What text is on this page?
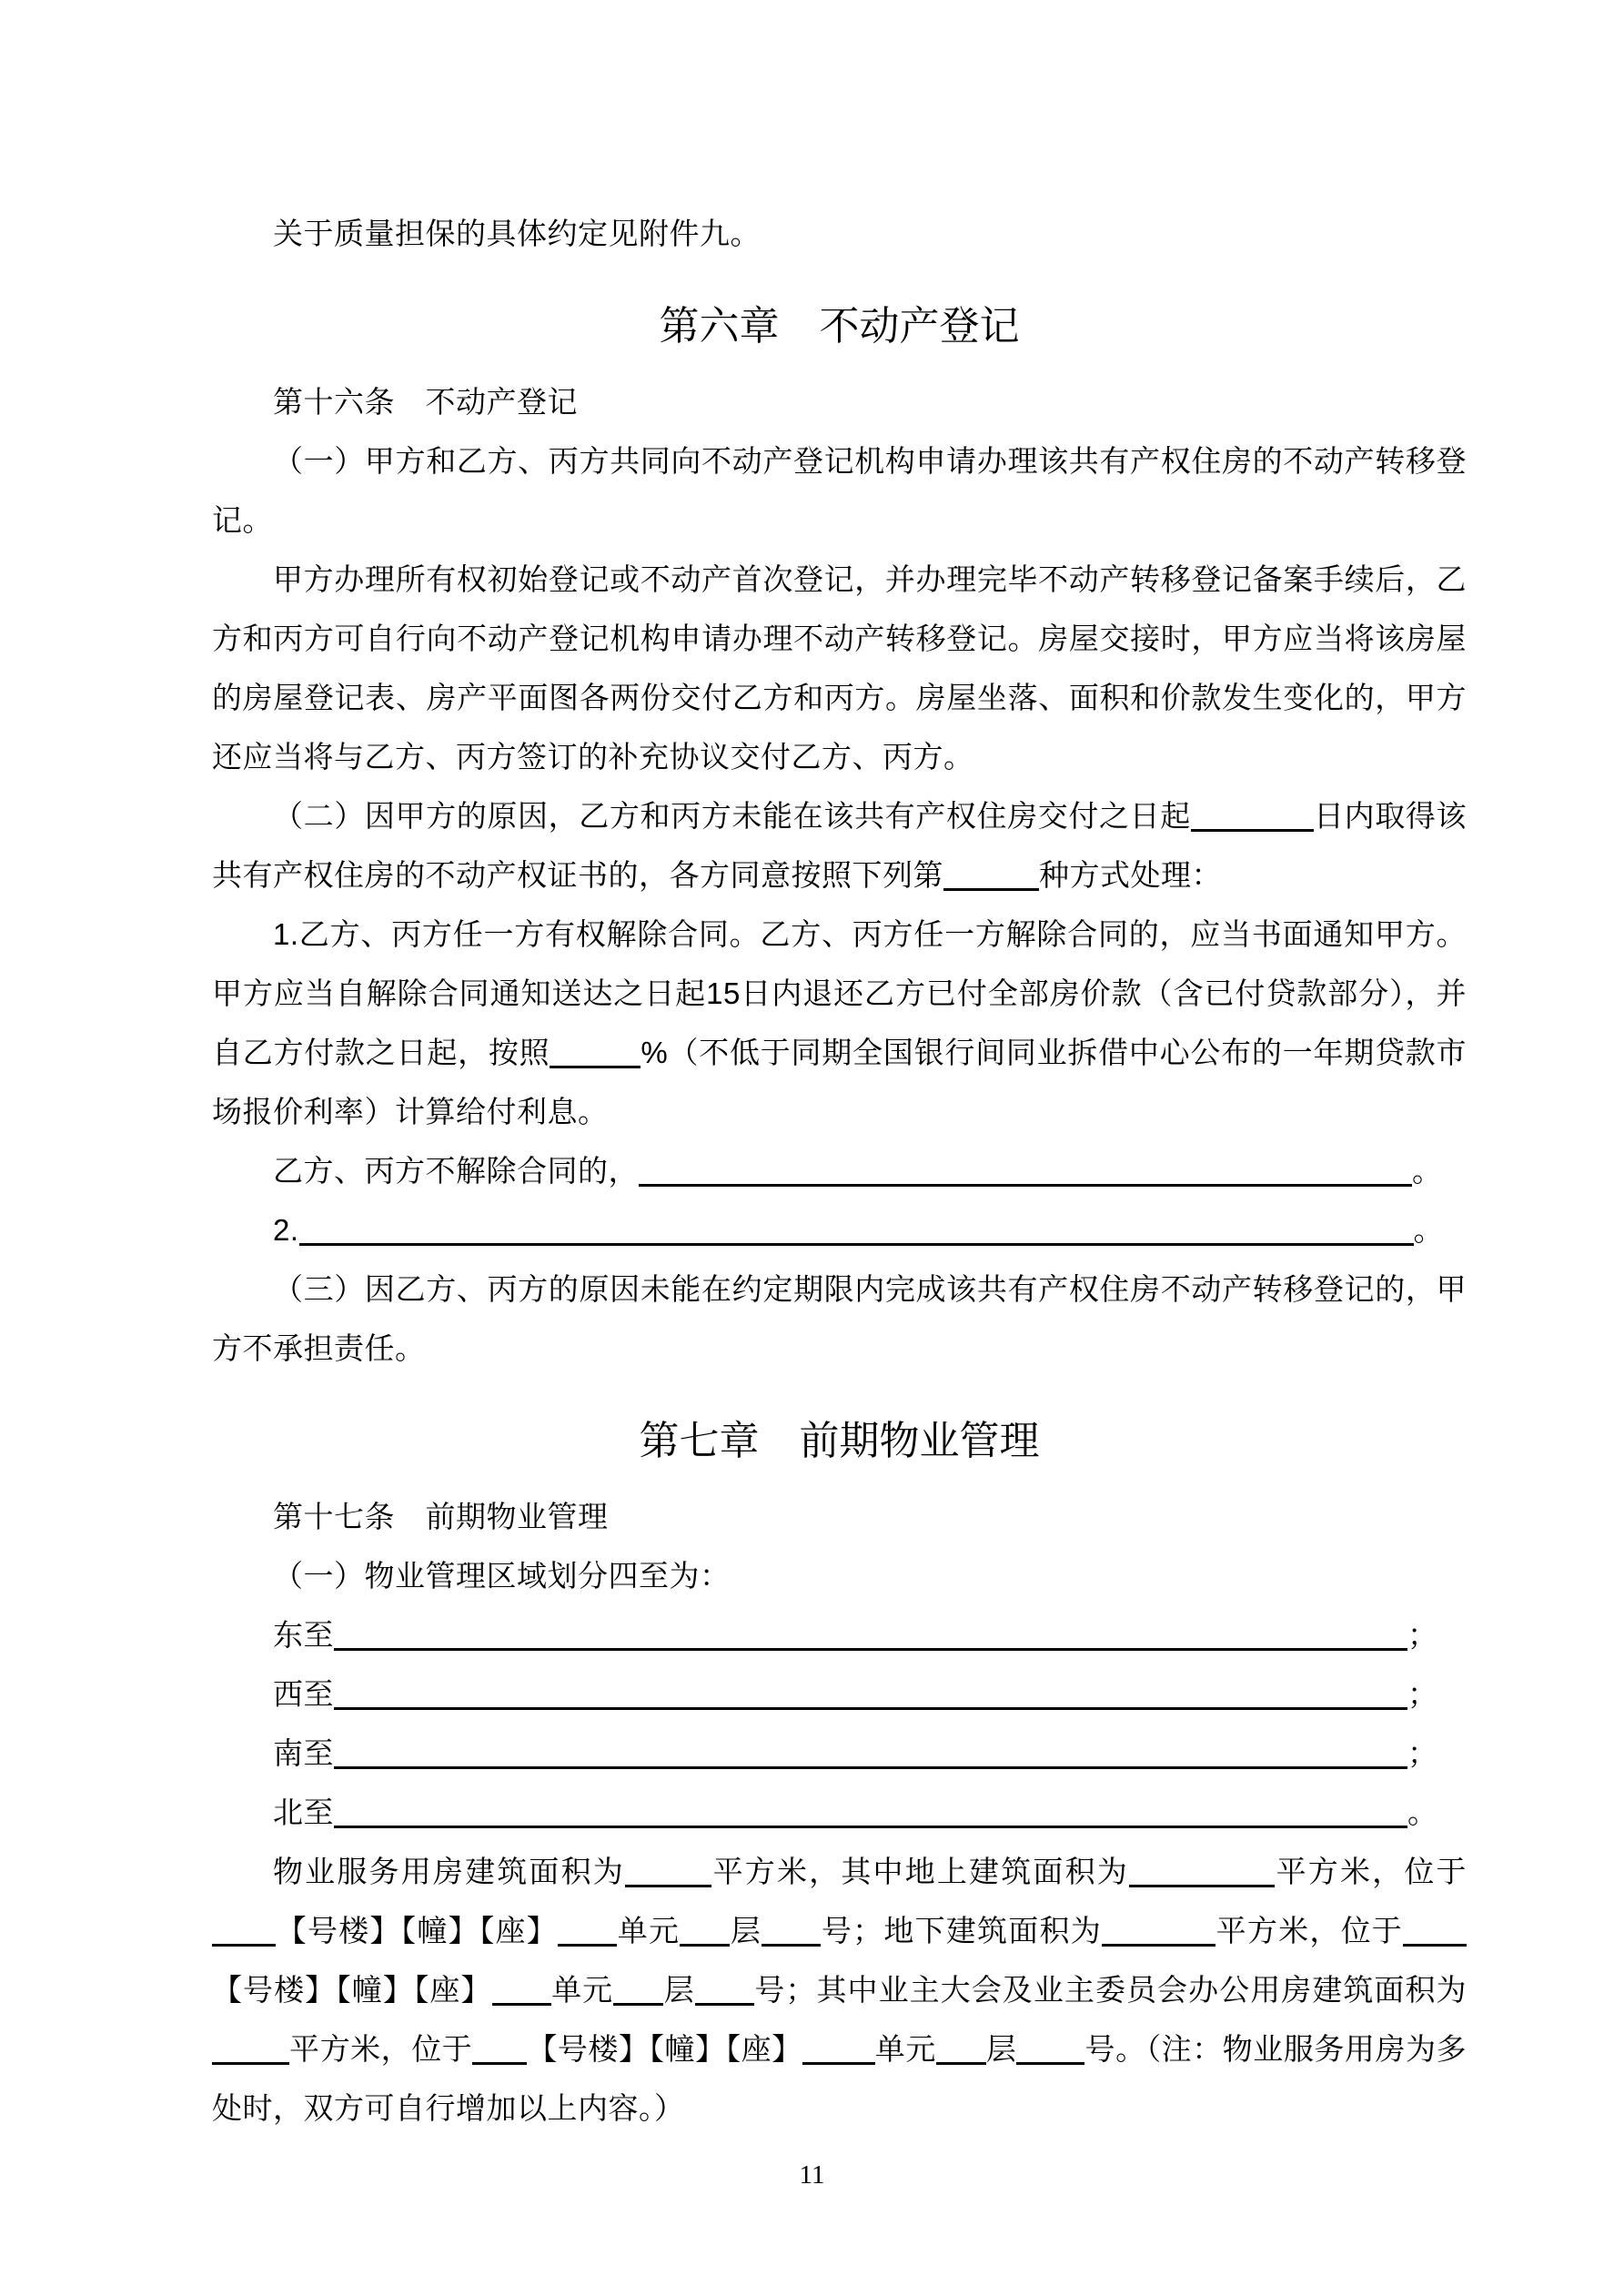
关于质量担保的具体约定见附件九。

第六章　不动产登记

第十六条　不动产登记

（一）甲方和乙方、丙方共同向不动产登记机构申请办理该共有产权住房的不动产转移登记。

甲方办理所有权初始登记或不动产首次登记，并办理完毕不动产转移登记备案手续后，乙方和丙方可自行向不动产登记机构申请办理不动产转移登记。房屋交接时，甲方应当将该房屋的房屋登记表、房产平面图各两份交付乙方和丙方。房屋坐落、面积和价款发生变化的，甲方还应当将与乙方、丙方签订的补充协议交付乙方、丙方。

（二）因甲方的原因，乙方和丙方未能在该共有产权住房交付之日起	日内取得该共有产权住房的不动产权证书的，各方同意按照下列第	种方式处理：

1.乙方、丙方任一方有权解除合同。乙方、丙方任一方解除合同的，应当书面通知甲方。甲方应当自解除合同通知送达之日起15日内退还乙方已付全部房价款（含已付贷款部分），并自乙方付款之日起，按照	%（不低于同期全国银行间同业拆借中心公布的一年期贷款市场报价利率）计算给付利息。

乙方、丙方不解除合同的，	。

2.	。

（三）因乙方、丙方的原因未能在约定期限内完成该共有产权住房不动产转移登记的，甲方不承担责任。

第七章　前期物业管理

第十七条　前期物业管理

（一）物业管理区域划分四至为：

东至	；

西至	；

南至	；

北至	。

物业服务用房建筑面积为	平方米，其中地上建筑面积为	平方米，位于【号楼】【幢】【座】 单元 层 号；地下建筑面积为	平方米，位于【号楼】【幢】【座】 单元 层 号；其中业主大会及业主委员会办公用房建筑面积为平方米，位于 【号楼】【幢】【座】 单元 层 号。（注：物业服务用房为多处时，双方可自行增加以上内容。）

11
